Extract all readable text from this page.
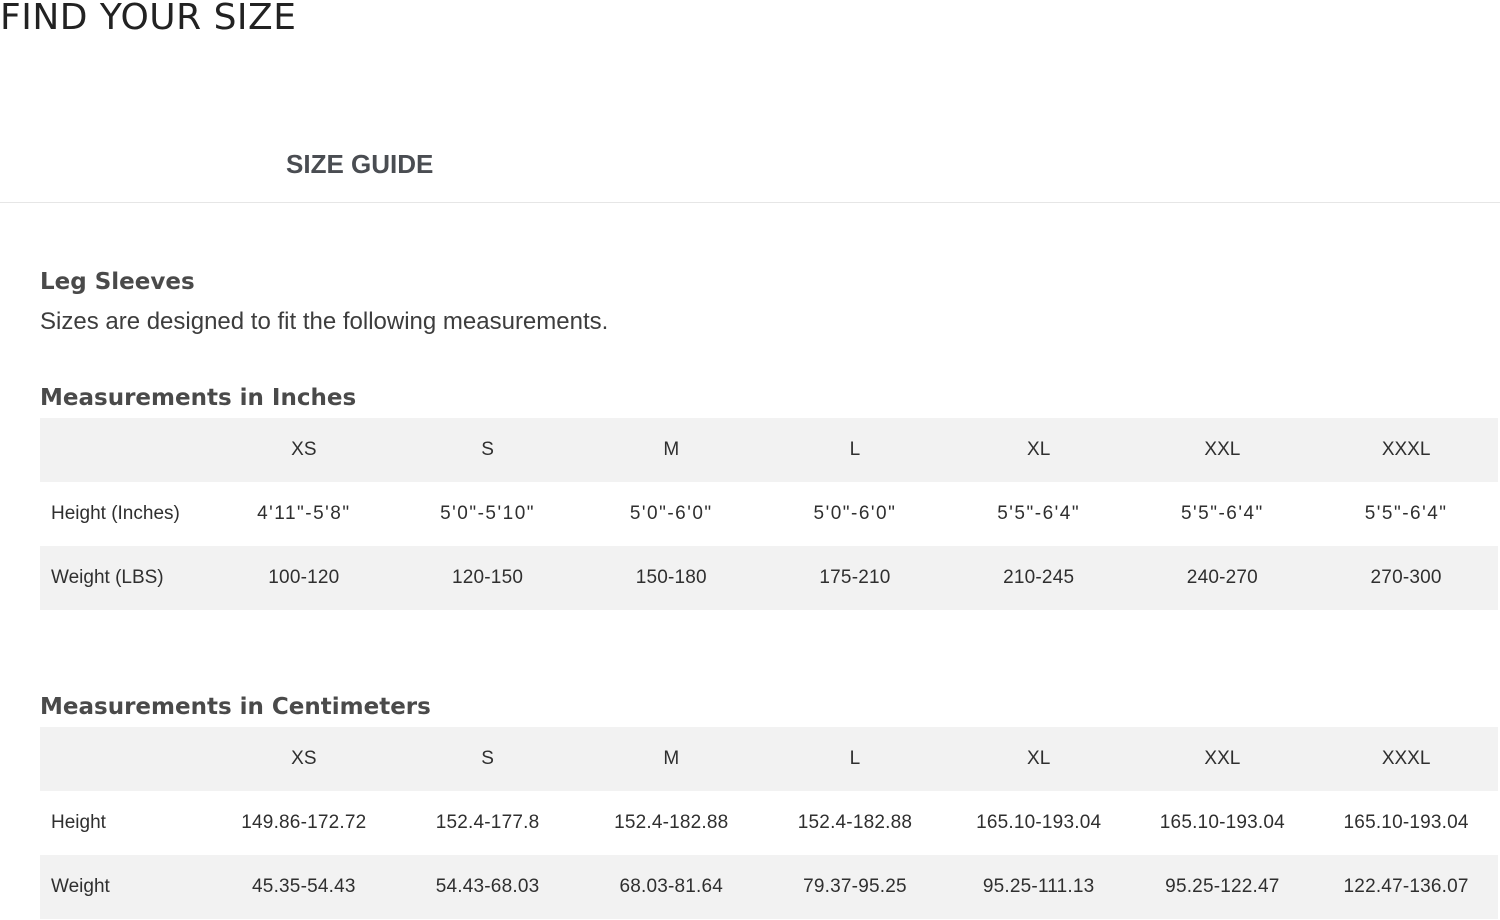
FIND YOUR SIZE
SIZE GUIDE
Leg Sleeves

Sizes are designed to fit the following measurements.

Measurements in Inches
	XS	S	M	L	XL	XXL	XXXL
Height (Inches)	4'11"-5'8"	5'0"-5'10"	5'0"-6'0"	5'0"-6'0"	5'5"-6'4"	5'5"-6'4"	5'5"-6'4"
Weight (LBS)	100-120	120-150	150-180	175-210	210-245	240-270	270-300
Measurements in Centimeters
	XS	S	M	L	XL	XXL	XXXL
Height	149.86-172.72	152.4-177.8	152.4-182.88	152.4-182.88	165.10-193.04	165.10-193.04	165.10-193.04
Weight	45.35-54.43	54.43-68.03	68.03-81.64	79.37-95.25	95.25-111.13	95.25-122.47	122.47-136.07
